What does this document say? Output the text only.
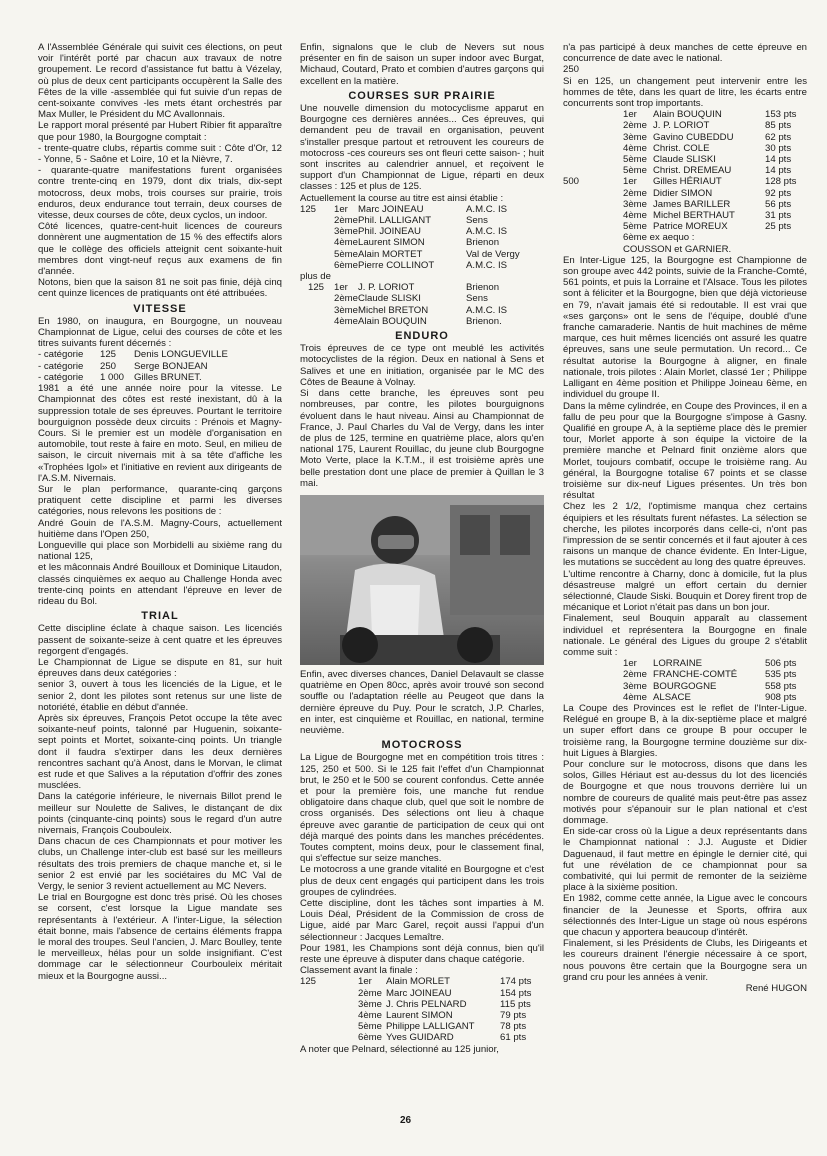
A l'Assemblée Générale qui suivit ces élections, on peut voir l'intérêt porté par chacun aux travaux de notre groupement. Le record d'assistance fut battu à Vézelay, où plus de deux cent participants occupèrent la Salle des Fêtes de la ville -assemblée qui fut suivie d'un repas de cent-soixante convives -les mets étant orchestrés par Max Muller, le Président du MC Avallonnais.

Le rapport moral présenté par Hubert Ribier fit apparaître que pour 1980, la Bourgogne comptait :

- trente-quatre clubs, répartis comme suit : Côte d'Or, 12 - Yonne, 5 - Saône et Loire, 10 et la Nièvre, 7.

- quarante-quatre manifestations furent organisées contre trente-cinq en 1979, dont dix trials, dix-sept motocross, deux mobs, trois courses sur prairie, trois enduros, deux endurance tout terrain, deux courses de vitesse, deux courses de côte, deux cyclos, un indoor.

Côté licences, quatre-cent-huit licences de coureurs donnèrent une augmentation de 15 % des effectifs alors que le collège des officiels atteignit cent soixante-huit membres dont vingt-neuf reçus aux examens de fin d'année.

Notons, bien que la saison 81 ne soit pas finie, déjà cinq cent quinze licences de pratiquants ont été attribuées.

VITESSE

En 1980, on inaugura, en Bourgogne, un nouveau Championnat de Ligue, celui des courses de côte et les titres suivants furent décernés :

- catégorie	125	Denis LONGUEVILLE
- catégorie	250	Serge BONJEAN
- catégorie	1 000	Gilles BRUNET.

1981 a été une année noire pour la vitesse. Le Championnat des côtes est resté inexistant, dû à la suppression totale de ses épreuves. Pourtant le territoire bourguignon possède deux circuits : Prénois et Magny-Cours. Si le premier est un modèle d'organisation en automobile, tout reste à faire en moto. Seul, en milieu de saison, le circuit nivernais mit à sa tête d'affiche les «Trophées Igol» et l'initiative en revient aux dirigeants de l'A.S.M. Nivernais.

Sur le plan performance, quarante-cinq garçons pratiquent cette discipline et parmi les diverses catégories, nous relevons les positions de :

André Gouin de l'A.S.M. Magny-Cours, actuellement huitième dans l'Open 250,

Longueville qui place son Morbidelli au sixième rang du national 125,

et les mâconnais André Bouilloux et Dominique Litaudon, classés cinquièmes ex aequo au Challenge Honda avec trente-cinq points en attendant l'épreuve en lever de rideau du Bol.

TRIAL

Cette discipline éclate à chaque saison. Les licenciés passent de soixante-seize à cent quatre et les épreuves regorgent d'engagés.

Le Championnat de Ligue se dispute en 81, sur huit épreuves dans deux catégories :

senior 3, ouvert à tous les licenciés de la Ligue, et le senior 2, dont les pilotes sont retenus sur une liste de notoriété, établie en début d'année.

Après six épreuves, François Petot occupe la tête avec soixante-neuf points, talonné par Huguenin, soixante-sept points et Mortet, soixante-cinq points. Un triangle dont il faudra s'extirper dans les deux dernières rencontres sachant qu'à Anost, dans le Morvan, le climat est rude et que Salives a la réputation d'offrir des zones musclées.

Dans la catégorie inférieure, le nivernais Billot prend le meilleur sur Noulette de Salives, le distançant de dix points (cinquante-cinq points) sous le regard d'un autre nivernais, François Coubouleix.

Dans chacun de ces Championnats et pour motiver les clubs, un Challenge inter-club est basé sur les meilleurs résultats des trois premiers de chaque manche et, si le senior 2 est envié par les sociétaires du MC Val de Vergy, le senior 3 revient actuellement au MC Nevers.

Le trial en Bourgogne est donc très prisé. Où les choses se corsent, c'est lorsque la Ligue mandate ses représentants à l'extérieur. A l'inter-Ligue, la sélection était bonne, mais l'absence de certains éléments frappa le moral des troupes. Seul l'ancien, J. Marc Boulley, tente le merveilleux, hélas pour un solde insignifiant. C'est dommage car le sélectionneur Courbouleix méritait mieux et la Bourgogne aussi...

Enfin, signalons que le club de Nevers sut nous présenter en fin de saison un super indoor avec Burgat, Michaud, Coutard, Prato et combien d'autres garçons qui excellent en la matière.

COURSES SUR PRAIRIE

Une nouvelle dimension du motocyclisme apparut en Bourgogne ces dernières années... Ces épreuves, qui demandent peu de travail en organisation, peuvent s'installer presque partout et retrouvent les coureurs de motocross -ces coureurs ses ont fleuri cette saison- ; huit sont inscrites au calendrier annuel, et reçoivent le support d'un Championnat de Ligue, réparti en deux classes : 125 et plus de 125.

Actuellement la course au titre est ainsi établie :

125	1er	Marc JOINEAU	A.M.C. IS
2ème Phil. LALLIGANT	Sens
3ème Phil. JOINEAU	A.M.C. IS
4ème Laurent SIMON	Brienon
5ème Alain MORTET	Val de Vergy
6ème Pierre COLLINOT	A.M.C. IS
plus de
125	1er	J. P. LORIOT	Brienon
2ème Claude SLISKI	Sens
3ème Michel BRETON	A.M.C. IS
4ème Alain BOUQUIN	Brienon.
ENDURO

Trois épreuves de ce type ont meublé les activités motocyclistes de la région. Deux en national à Sens et Salives et une en initiation, organisée par le MC des Côtes de Beaune à Volnay.

Si dans cette branche, les épreuves sont peu nombreuses, par contre, les pilotes bourguignons évoluent dans le haut niveau. Ainsi au Championnat de France, J. Paul Charles du Val de Vergy, dans les inter de plus de 125, termine en quatrième place, alors qu'en national 175, Laurent Rouillac, du jeune club Bourgogne Moto Verte, place la K.T.M., il est troisième après une belle prestation dont une place de premier à Quillan le 3 mai.

Enfin, avec diverses chances, Daniel Delavault se classe quatrième en Open 80cc, après avoir trouvé son second souffle ou l'adaptation réelle au Peugeot que dans la dernière épreuve du Puy. Pour le scratch, J.P. Charles, en inter, est cinquième et Rouillac, en national, termine neuvième.

MOTOCROSS

La Ligue de Bourgogne met en compétition trois titres : 125, 250 et 500. Si le 125 fait l'effet d'un Championnat brut, le 250 et le 500 se courent confondus. Cette année et pour la première fois, une manche fut rendue obligatoire dans chaque club, quel que soit le nombre de cross organisés. Des sélections ont lieu à chaque épreuve avec garantie de participation de ceux qui ont déjà marqué des points dans les manches précédentes. Toutes comptent, moins deux, pour le classement final, qui s'effectue sur seize manches.

Le motocross a une grande vitalité en Bourgogne et c'est plus de deux cent engagés qui participent dans les trois groupes de cylindrées.

Cette discipline, dont les tâches sont imparties à M. Louis Déal, Président de la Commission de cross de Ligue, aidé par Marc Garel, reçoit aussi l'appui d'un sélectionneur : Jacques Lemaître.

Pour 1981, les Champions sont déjà connus, bien qu'il reste une épreuve à disputer dans chaque catégorie.

Classement avant la finale :

125	1er	Alain MORLET	174 pts
2ème Marc JOINEAU	154 pts
3ème J. Chris PELNARD	115 pts
4ème Laurent SIMON	79 pts
5ème Philippe LALLIGANT	78 pts
6ème Yves GUIDARD	61 pts

A noter que Pelnard, sélectionné au 125 junior,

n'a pas participé à deux manches de cette épreuve en concurrence de date avec le national.

250

Si en 125, un changement peut intervenir entre les hommes de tête, dans les quart de litre, les écarts entre concurrents sont trop importants.

1er	Alain BOUQUIN	153 pts
2ème J. P. LORIOT	85 pts
3ème Gavino CUBEDDU	62 pts
4ème Christ. COLE	30 pts
5ème Claude SLISKI	14 pts
5ème Christ. DREMEAU	14 pts
500	1er	Gilles HÉRIAUT	128 pts
2ème Didier SIMON	92 pts
3ème James BARILLER	56 pts
4ème Michel BERTHAUT	31 pts
5ème Patrice MOREUX	25 pts
6ème ex aequo :
COUSSON et GARNIER.

En Inter-Ligue 125, la Bourgogne est Championne de son groupe avec 442 points, suivie de la Franche-Comté, 561 points, et puis la Lorraine et l'Alsace. Tous les pilotes sont à féliciter et la Bourgogne, bien que déjà victorieuse en 79, n'avait jamais été si redoutable. Il est vrai que «ses garçons» ont le sens de l'équipe, doublé d'une franche camaraderie. Nantis de huit machines de même marque, ces huit mêmes licenciés ont assuré les quatre épreuves, sans une seule permutation. Un record... Ce résultat autorise la Bourgogne à aligner, en finale nationale, trois pilotes : Alain Morlet, classé 1er ; Philippe Lalligant en 4ème position et Philippe Joineau 6ème, en individuel du groupe II.

Dans la même cylindrée, en Coupe des Provinces, il en a fallu de peu pour que la Bourgogne s'impose à Gasny. Qualifié en groupe A, à la septième place dès le premier tour, Morlet apporte à son équipe la victoire de la première manche et Pelnard finit onzième alors que Morlet, toujours combatif, occupe le troisième rang. Au général, la Bourgogne totalise 67 points et se classe troisième sur dix-neuf Ligues présentes. Un très bon résultat

Chez les 2 1/2, l'optimisme manqua chez certains équipiers et les résultats furent néfastes. La sélection se cherche, les pilotes incorporés dans celle-ci, n'ont pas l'impression de se sentir concernés et il faut ajouter à ces raisons un manque de chance évidente. En Inter-Ligue, les mutations se succèdent au long des quatre épreuves.

L'ultime rencontre à Charny, donc à domicile, fut la plus désastreuse malgré un effort certain du dernier sélectionné, Claude Siski. Bouquin et Dorey firent trop de mécanique et Loriot n'était pas dans un bon jour.

Finalement, seul Bouquin apparaît au classement individuel et représentera la Bourgogne en finale nationale. Le général des Ligues du groupe 2 s'établit comme suit :

1er	LORRAINE	506 pts
2ème FRANCHE-COMTÉ	535 pts
3ème BOURGOGNE	558 pts
4ème ALSACE	908 pts

La Coupe des Provinces est le reflet de l'Inter-Ligue. Relégué en groupe B, à la dix-septième place et malgré un super effort dans ce groupe B pour occuper le troisième rang, la Bourgogne termine douzième sur dix-huit Ligues à Blargies.

Pour conclure sur le motocross, disons que dans les solos, Gilles Hériaut est au-dessus du lot des licenciés de Bourgogne et que nous trouvons derrière lui un nombre de coureurs de qualité mais peut-être pas assez motivés pour s'épanouir sur le plan national et c'est dommage.

En side-car cross où la Ligue a deux représentants dans le Championnat national : J.J. Auguste et Didier Daguenaud, il faut mettre en épingle le dernier cité, qui fut une révélation de ce championnat pour sa combativité, qui lui permit de remonter de la seizième place à la sixième position.

En 1982, comme cette année, la Ligue avec le concours financier de la Jeunesse et Sports, offrira aux sélectionnés des Inter-Ligue un stage où nous espérons que chacun y apportera beaucoup d'intérêt.

Finalement, si les Présidents de Clubs, les Dirigeants et les coureurs drainent l'énergie nécessaire à ce sport, nous pouvons être certain que la Bourgogne sera un grand cru pour les années à venir.

René HUGON

26
